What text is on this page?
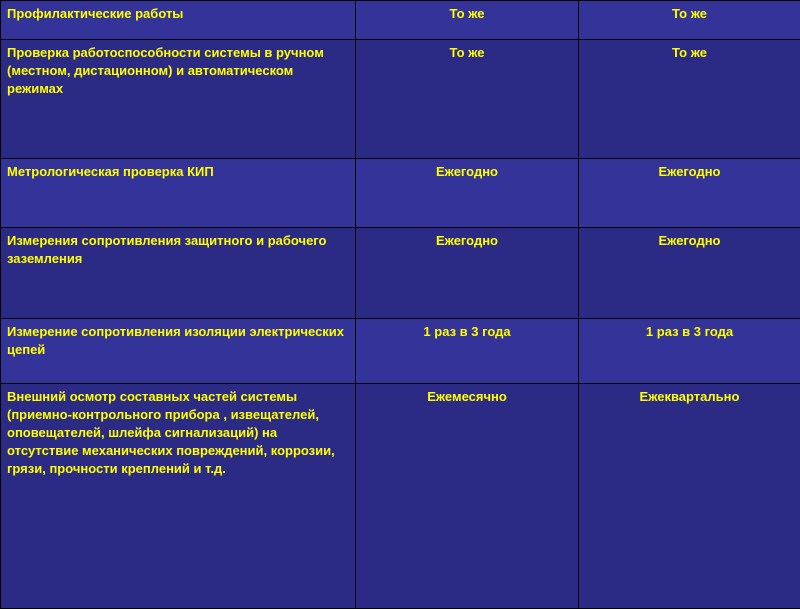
Профилактические работы	То же	То же
Проверка работоспособности системы в ручном (местном, дистационном) и автоматическом режимах	То же	То же
Метрологическая проверка КИП	Ежегодно	Ежегодно
Измерения сопротивления защитного и рабочего заземления	Ежегодно	Ежегодно
Измерение сопротивления изоляции электрических цепей	1 раз в 3 года	1 раз в 3 года
Внешний осмотр составных частей системы (приемно-контрольного прибора , извещателей, оповещателей, шлейфа сигнализаций) на отсутствие механических повреждений, коррозии, грязи, прочности креплений и т.д.	Ежемесячно	Ежеквартально
